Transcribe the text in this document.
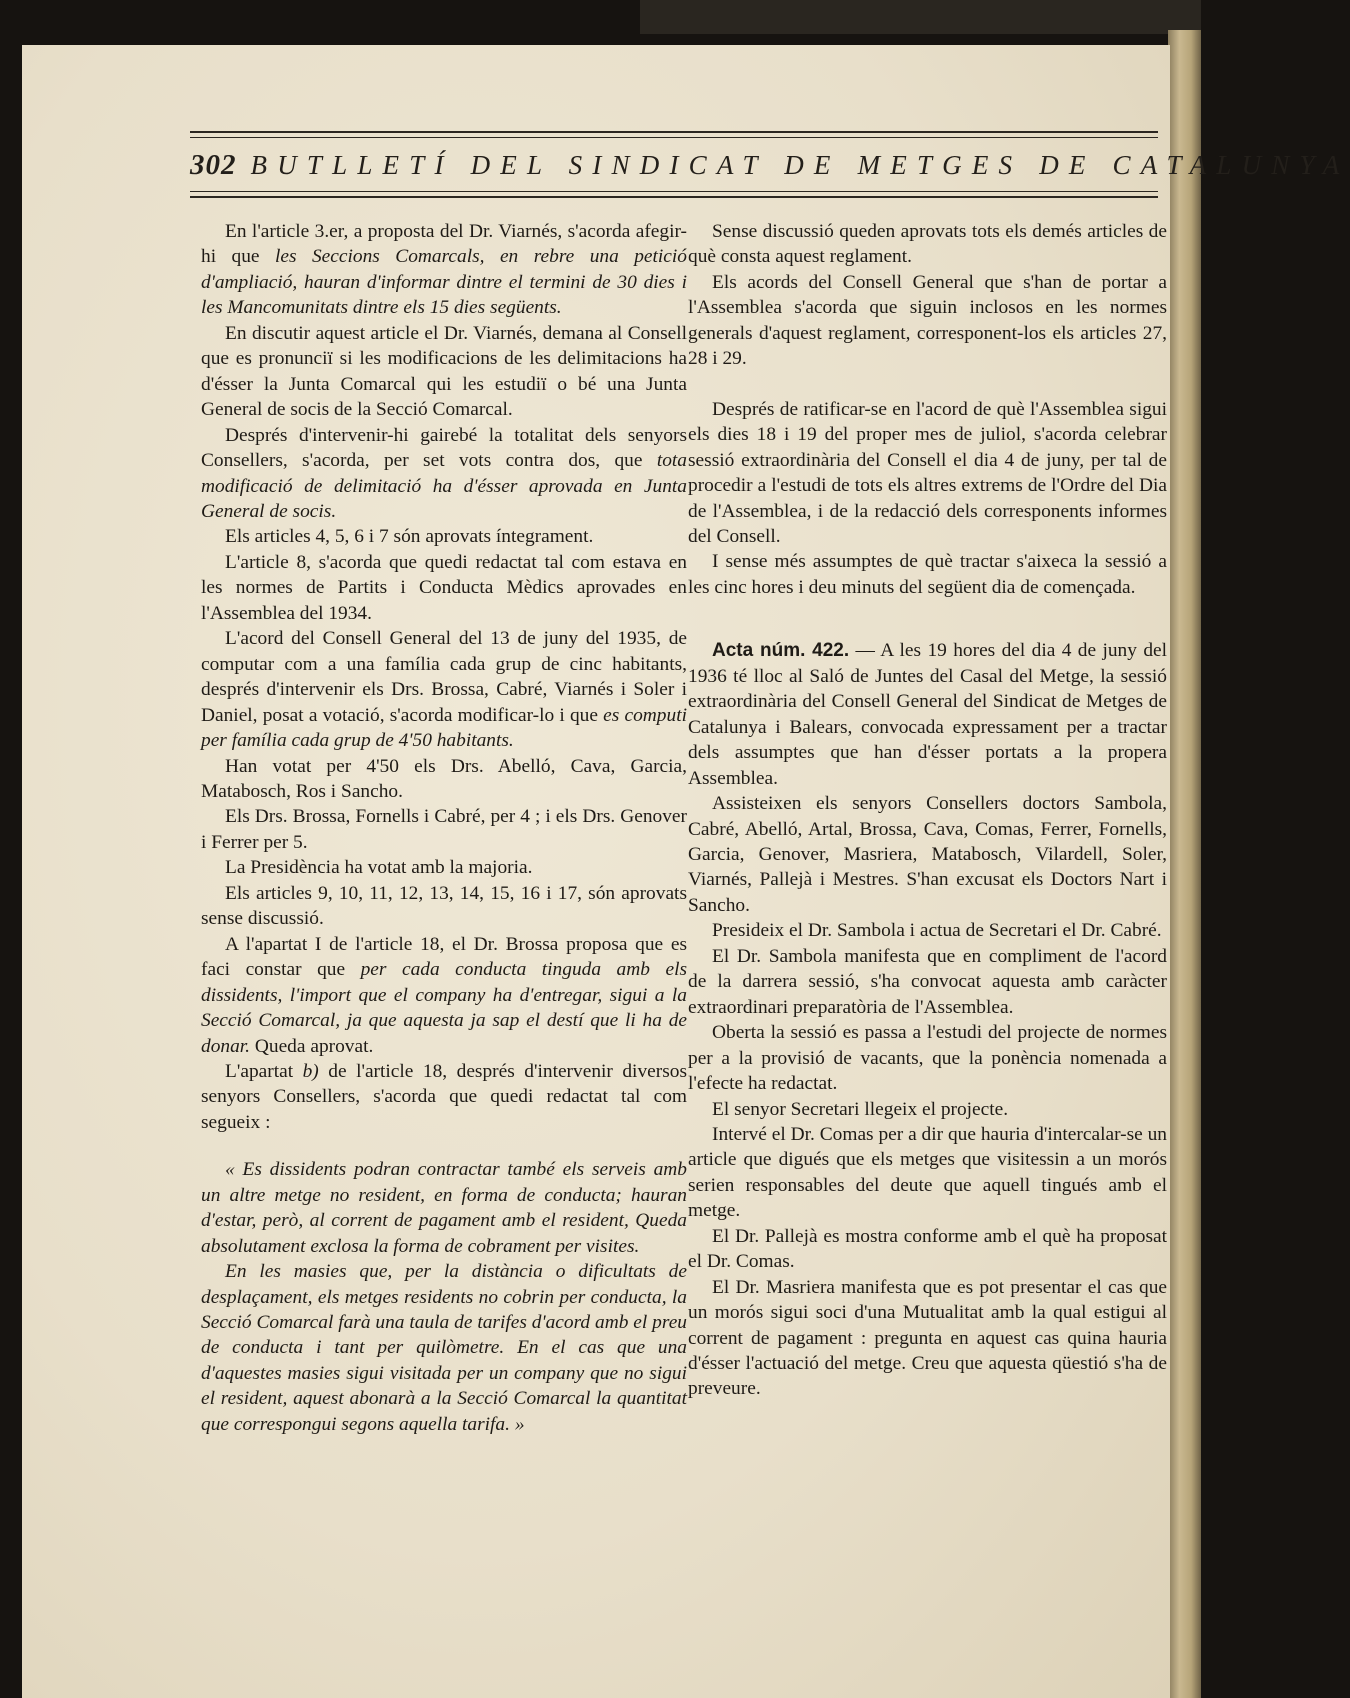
302 BUTLLETÍ DEL SINDICAT DE METGES DE CATALUNYA

En l'article 3.er, a proposta del Dr. Viarnés, s'acorda afegir-hi que les Seccions Comarcals, en rebre una petició d'ampliació, hauran d'informar dintre el termini de 30 dies i les Mancomunitats dintre els 15 dies següents.

En discutir aquest article el Dr. Viarnés, demana al Consell que es pronunciï si les modificacions de les delimitacions ha d'ésser la Junta Comarcal qui les estudiï o bé una Junta General de socis de la Secció Comarcal.

Després d'intervenir-hi gairebé la totalitat dels senyors Consellers, s'acorda, per set vots contra dos, que tota modificació de delimitació ha d'ésser aprovada en Junta General de socis.

Els articles 4, 5, 6 i 7 són aprovats íntegrament.

L'article 8, s'acorda que quedi redactat tal com estava en les normes de Partits i Conducta Mèdics aprovades en l'Assemblea del 1934.

L'acord del Consell General del 13 de juny del 1935, de computar com a una família cada grup de cinc habitants, després d'intervenir els Drs. Brossa, Cabré, Viarnés i Soler i Daniel, posat a votació, s'acorda modificar-lo i que es computi per família cada grup de 4'50 habitants.

Han votat per 4'50 els Drs. Abelló, Cava, Garcia, Matabosch, Ros i Sancho.

Els Drs. Brossa, Fornells i Cabré, per 4 ; i els Drs. Genover i Ferrer per 5.

La Presidència ha votat amb la majoria.

Els articles 9, 10, 11, 12, 13, 14, 15, 16 i 17, són aprovats sense discussió.

A l'apartat I de l'article 18, el Dr. Brossa proposa que es faci constar que per cada conducta tinguda amb els dissidents, l'import que el company ha d'entregar, sigui a la Secció Comarcal, ja que aquesta ja sap el destí que li ha de donar. Queda aprovat.

L'apartat b) de l'article 18, després d'intervenir diversos senyors Consellers, s'acorda que quedi redactat tal com segueix :

« Es dissidents podran contractar també els serveis amb un altre metge no resident, en forma de conducta; hauran d'estar, però, al corrent de pagament amb el resident, Queda absolutament exclosa la forma de cobrament per visites.

En les masies que, per la distància o dificultats de desplaçament, els metges residents no cobrin per conducta, la Secció Comarcal farà una taula de tarifes d'acord amb el preu de conducta i tant per quilòmetre. En el cas que una d'aquestes masies sigui visitada per un company que no sigui el resident, aquest abonarà a la Secció Comarcal la quantitat que correspongui segons aquella tarifa. »

Sense discussió queden aprovats tots els demés articles de què consta aquest reglament.

Els acords del Consell General que s'han de portar a l'Assemblea s'acorda que siguin inclosos en les normes generals d'aquest reglament, corresponent-los els articles 27, 28 i 29.

Després de ratificar-se en l'acord de què l'Assemblea sigui els dies 18 i 19 del proper mes de juliol, s'acorda celebrar sessió extraordinària del Consell el dia 4 de juny, per tal de procedir a l'estudi de tots els altres extrems de l'Ordre del Dia de l'Assemblea, i de la redacció dels corresponents informes del Consell.

I sense més assumptes de què tractar s'aixeca la sessió a les cinc hores i deu minuts del següent dia de començada.

Acta núm. 422. — A les 19 hores del dia 4 de juny del 1936 té lloc al Saló de Juntes del Casal del Metge, la sessió extraordinària del Consell General del Sindicat de Metges de Catalunya i Balears, convocada expressament per a tractar dels assumptes que han d'ésser portats a la propera Assemblea.

Assisteixen els senyors Consellers doctors Sambola, Cabré, Abelló, Artal, Brossa, Cava, Comas, Ferrer, Fornells, Garcia, Genover, Masriera, Matabosch, Vilardell, Soler, Viarnés, Pallejà i Mestres. S'han excusat els Doctors Nart i Sancho.

Presideix el Dr. Sambola i actua de Secretari el Dr. Cabré.

El Dr. Sambola manifesta que en compliment de l'acord de la darrera sessió, s'ha convocat aquesta amb caràcter extraordinari preparatòria de l'Assemblea.

Oberta la sessió es passa a l'estudi del projecte de normes per a la provisió de vacants, que la ponència nomenada a l'efecte ha redactat.

El senyor Secretari llegeix el projecte.

Intervé el Dr. Comas per a dir que hauria d'intercalar-se un article que digués que els metges que visitessin a un morós serien responsables del deute que aquell tingués amb el metge.

El Dr. Pallejà es mostra conforme amb el què ha proposat el Dr. Comas.

El Dr. Masriera manifesta que es pot presentar el cas que un morós sigui soci d'una Mutualitat amb la qual estigui al corrent de pagament : pregunta en aquest cas quina hauria d'ésser l'actuació del metge. Creu que aquesta qüestió s'ha de preveure.
